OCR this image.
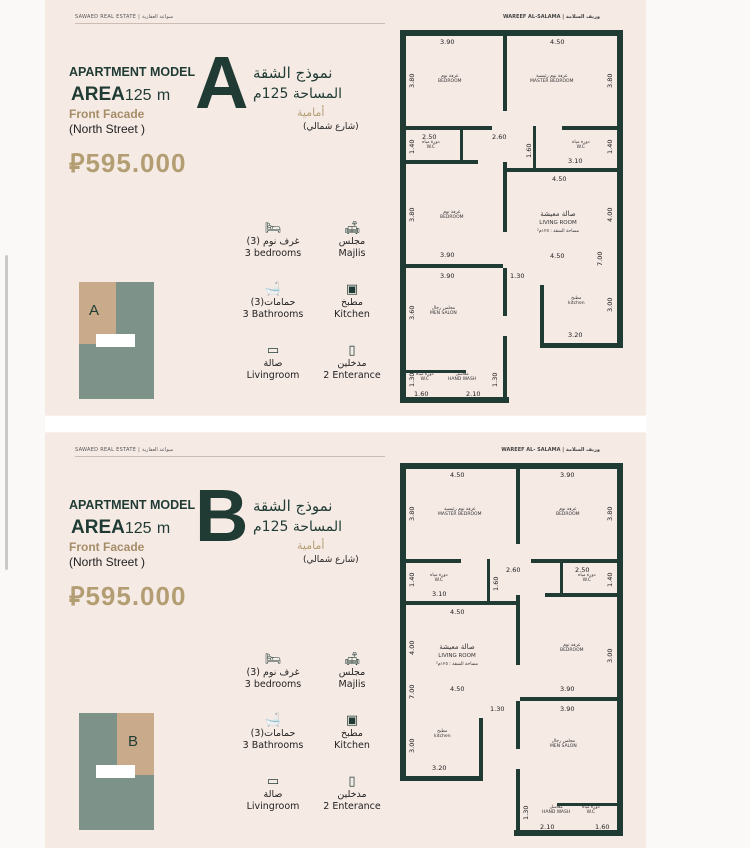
SAWAED REAL ESTATE | سواعد العقارية	WAREEF AL-SALAMA | وريف السلامة
APARTMENT MODEL
AREA125 m
Front Facade
(North Street )
⃁595.000
A نموذج الشقة
المساحة 125م
أمامية
(شارع شمالي)
🛏
غرف نوم (3)
3 bedrooms
🛋
مجلس
Majlis
🛁
حمامات(3)
3 Bathrooms
▣
مطبخ
Kitchen
▭
صالة
Livingroom
▯
مدخلين
2 Enterance
A
3.90	4.50
3.80	3.80
2.50
1.40
2.60
1.60
3.10
1.40
4.50
3.80	4.00
3.90	4.50
1.30
7.00
3.90
3.00
3.60
3.20
1.30	1.30
1.60	2.10
غرفة نوم
BEDROOM
غرفة نوم رئيسية
MASTER BEDROOM
دورة مياه
W.C
دورة مياه
W.C
غرفة نوم
BEDROOM	صالة معيشة
LIVING ROOM
مساحة الشقة : ١٢٥م²
مطبخ
kitchen
مجلس رجال
MEN SALON
مغاسل
HAND WASH
دورة مياه
W.C
SAWAED REAL ESTATE | سواعد العقارية	WAREEF AL- SALAMA | وريف السلامة
APARTMENT MODEL
AREA125 m
Front Facade
(North Street )
⃁595.000
B نموذج الشقة
المساحة 125م
أمامية
(شارع شمالي)
🛏
غرف نوم (3)
3 bedrooms
🛋
مجلس
Majlis
🛁
حمامات(3)
3 Bathrooms
▣
مطبخ
Kitchen
▭
صالة
Livingroom
▯
مدخلين
2 Enterance
B
4.50	3.90
3.80	3.80
2.50
1.40
2.60
1.60
3.10
1.40
4.50
4.00
3.90
4.50
1.30
7.00
3.90
3.00
3.00
3.20
1.30
1.60
2.10
غرفة نوم رئيسية
MASTER BEDROOM
غرفة نوم
BEDROOM
دورة مياه
W.C
دورة مياه
W.C
صالة معيشة
LIVING ROOM
مساحة الشقة : ١٢٥م²
غرفة نوم
BEDROOM
مطبخ
kitchen
مجلس رجال
MEN SALON
مغاسل
HAND WASH
دورة مياه
W.C
